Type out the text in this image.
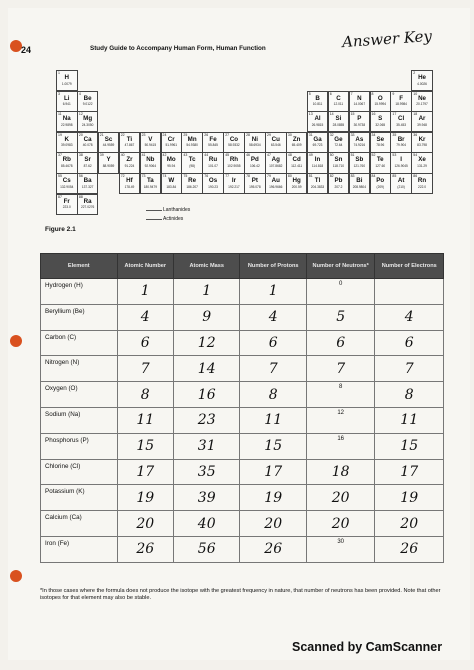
24	Study Guide to Accompany Human Form, Human Function	Answer Key
1
H
1.0079
2
He
4.0026
3
Li
6.941
4
Be
9.0122
5
B
10.811
6
C
12.011
7
N
14.0067
8
O
15.9994
9
F
18.9984
10
Ne
20.1797
11
Na
22.9898
12
Mg
24.3050
13
Al
26.9815
14
Si
28.0855
15
P
30.9738
16
S
32.065
17
Cl
35.453
18
Ar
39.948
19
K
39.0983
20
Ca
40.078
21
Sc
44.9559
22
Ti
47.867
23
V
50.9415
24
Cr
51.9961
25
Mn
54.9380
26
Fe
55.845
27
Co
58.9332
28
Ni
58.6934
29
Cu
63.546
30
Zn
65.409
31
Ga
69.723
32
Ge
72.64
33
As
74.9216
34
Se
78.96
35
Br
79.904
36
Kr
83.798
37
Rb
85.4678
38
Sr
87.62
39
Y
88.9059
40
Zr
91.224
41
Nb
92.9064
42
Mo
95.94
43
Tc
(98)
44
Ru
101.07
45
Rh
102.9055
46
Pd
106.42
47
Ag
107.8682
48
Cd
112.411
49
In
114.818
50
Sn
118.710
51
Sb
121.760
52
Te
127.60
53
I
126.9045
54
Xe
131.29
55
Cs
132.9054
56
Ba
137.327
72
Hf
178.49
73
Ta
180.9479
74
W
183.84
75
Re
186.207
76
Os
190.23
77
Ir
192.217
78
Pt
195.078
79
Au
196.9666
80
Hg
200.59
81
Tl
204.3833
82
Pb
207.2
83
Bi
208.9804
84
Po
(209)
85
At
(210)
86
Rn
222.0
87
Fr
223.0
88
Ra
227.0276	Lanthanides
Actinides
Figure 2.1
Element	Atomic Number	Atomic Mass	Number of Protons	Number of Neutrons*	Number of Electrons
Hydrogen (H)	1	1	1	0	
Beryllium (Be)	4	9	4	5	4
Carbon (C)	6	12	6	6	6
Nitrogen (N)	7	14	7	7	7
Oxygen (O)	8	16	8	8	8
Sodium (Na)	11	23	11	12	11
Phosphorus (P)	15	31	15	16	15
Chlorine (Cl)	17	35	17	18	17
Potassium (K)	19	39	19	20	19
Calcium (Ca)	20	40	20	20	20
Iron (Fe)	26	56	26	30	26
*In those cases where the formula does not produce the isotope with the greatest frequency in nature, that number of neutrons has been provided. Note that other isotopes for that element may also be stable.
Scanned by CamScanner
